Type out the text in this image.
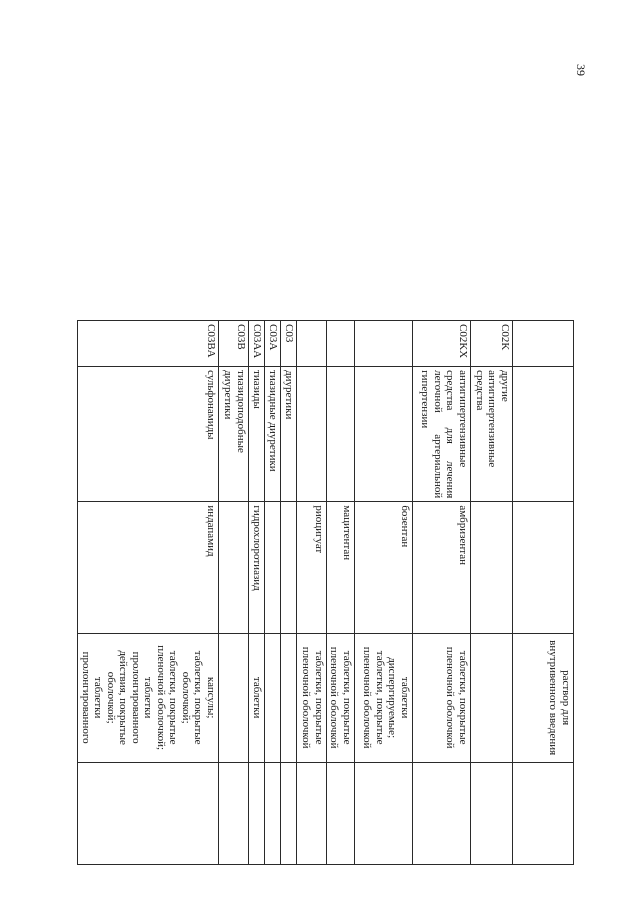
39

			раствор для внутривенного введения	

C02K	другие антигипертензивные средства			
C02KX	антигипертензивные средства для лечения легочной артериальной гипертензии	амбризентан	таблетки, покрытые пленочной оболочкой	

		бозентан	таблетки диспергируемые;
таблетки, покрытые пленочной оболочкой	

		мацитентан	таблетки, покрытые пленочной оболочкой	

		риоцигуат	таблетки, покрытые пленочной оболочкой	

C03	диуретики			
C03A	тиазидные диуретики			
C03AA	тиазиды	гидрохлоротиазид	таблетки	

C03B	тиазидоподобные диуретики			
C03BA	сульфонамиды	индапамид	капсулы;
таблетки, покрытые оболочкой;
таблетки, покрытые пленочной оболочкой;
таблетки пролонгированного действия, покрытые оболочкой;
таблетки пролонгированного	
